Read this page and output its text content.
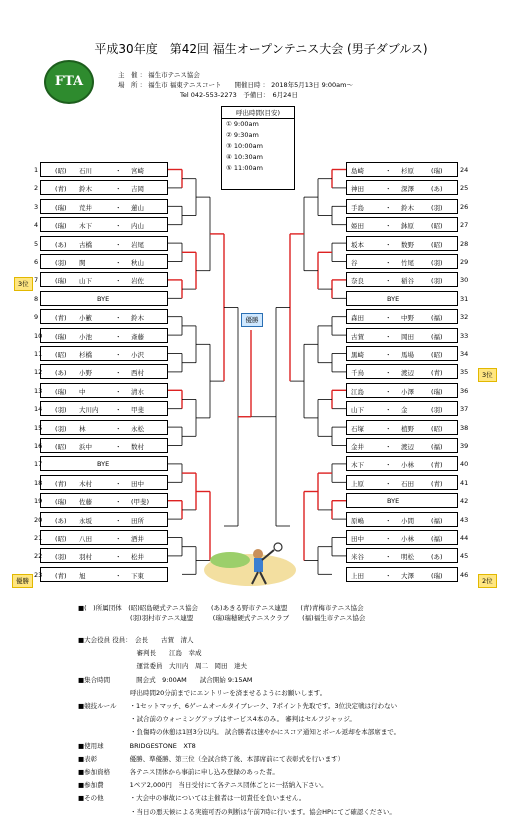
平成30年度　第42回 福生オープンテニス大会 (男子ダブルス)
FTA	主　催 ： 福生市テニス協会
場　所 ： 福生市 福東テニスコート　　開催日時 ： 2018年5月13日 9:00am～
Tel 042-553-2273　予備日：　6月24日
呼出時間(目安)
① 9:00am
② 9:30am
③ 10:00am
④ 10:30am
⑤ 11:00am
(昭) 石川	・ 宮崎
1
(青) 鈴木	・ 吉岡
2
(瑞) 荒井	・ 蓮山
3
(瑞) 木下	・ 内山
4
(あ) 古橋	・ 岩尾
5
(羽) 関	・ 秋山
6
(瑞) 山下	・ 岩佐
7
BYE
8
(青) 小籔	・ 鈴木
9
(瑞) 小池	・ 斎藤
10
(昭) 杉橋	・ 小沢
11
(あ) 小野	・ 西村
12
(瑞) 中	・ 清水
13
(羽) 大川内	・ 甲斐
14
(羽) 林	・ 永松
15
(昭) 浜中	・ 数村
16
BYE
17
(青) 木村	・ 田中
18
(瑞) 佐藤	・ (甲斐)
19
(あ) 永坂	・ 田所
20
(昭) 八田	・ 酒井
21
(羽) 羽村	・ 松井
22
(青) 旭	・ 下東
23
島崎	・ 杉原	(瑞)	24
神田	・ 深澤	(あ)	25
手島	・ 鈴木	(羽)	26
姫田	・ 鉢原	(昭)	27
坂本	・ 数野	(昭)	28
谷	・ 竹尾	(羽)	29
奈良	・ 稲谷	(羽)	30
BYE	31
森田	・ 中野	(福)	32
古賀	・ 岡田	(福)	33
黒崎	・ 馬場	(昭)	34
千鳥	・ 渡辺	(青)	35
江島	・ 小澤	(瑞)	36
山下	・ 金	(羽)	37
石塚	・ 植野	(昭)	38
金井	・ 渡辺	(福)	39
木下	・ 小林	(青)	40
上原	・ 石田	(青)	41
BYE	42
原嶋	・ 小間	(福)	43
田中	・ 小林	(福)	44
米谷	・ 明松	(あ)	45
上田	・ 大澤	(瑞)	46
優勝
3位
3位
優勝	2位
■(　)所属団体　(昭)昭島硬式テニス協会　　(あ)あきる野市テニス連盟　　(青)青梅市テニス協会
　　　　　　　　(羽)羽村市テニス連盟　　　(瑞)瑞穂硬式テニスクラブ　　(福)福生市テニス協会
■大会役員 役員：　会長　　古賀　清人
　　　　　　　　　審判長　　江島　幸成
　　　　　　　　　運営委員　大川内　周二　岡田　達夫
■集合時間　　　　開会式　9:00AM　　試合開始 9:15AM
　　　　　　　　呼出時間20分前までにエントリーを済ませるようにお願いします。
■競技ルール　　・1セットマッチ、6ゲームオールタイブレーク、7ポイント先取です。3位決定戦は行わない
　　　　　　　　・試合前のウォーミングアップはサービス4本のみ。 審判はセルフジャッジ。
　　　　　　　　・負傷時の休憩は1回3分以内。 試合勝者は速やかにスコア通知とボール返却を本部席まで。
■使用球　　　　BRIDGESTONE　XT8
■表彰　　　　　優勝、準優勝、第三位（全試合終了後、本部席前にて表彰式を行います）
■参加資格　　　各テニス団体から事前に申し込み登録のあった者。
■参加費　　　　1ペア2,000円　当日受付にて各テニス団体ごとに一括納入下さい。
■その他　　　　・大会中の事故については主催者は一切責任を負いません。
　　　　　　　　・当日の悪天候による実施可否の判断は午前7時に行います。協会HPにてご確認ください。
